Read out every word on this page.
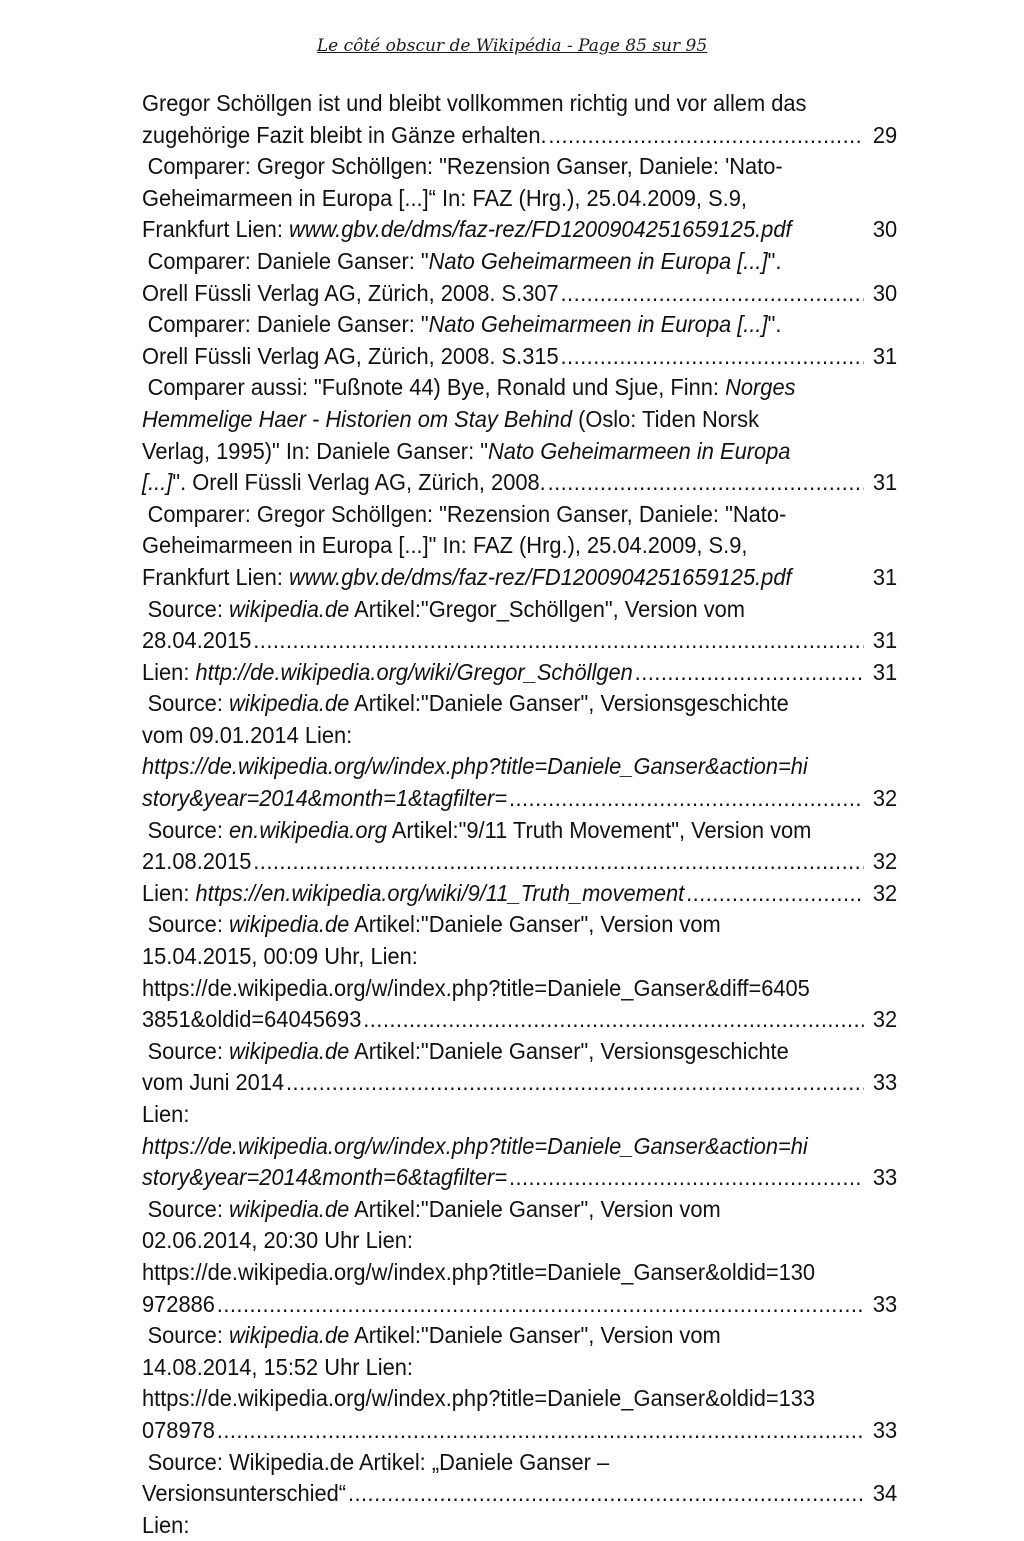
Le côté obscur de Wikipédia - Page 85 sur 95
Gregor Schöllgen ist und bleibt vollkommen richtig und vor allem das
zugehörige Fazit bleibt in Gänze erhalten. .....	29
Comparer: Gregor Schöllgen: "Rezension Ganser, Daniele: 'Nato-
Geheimarmeen in Europa [...]“ In: FAZ (Hrg.), 25.04.2009, S.9,
Frankfurt Lien: www.gbv.de/dms/faz-rez/FD1200904251659125.pdf	30
Comparer: Daniele Ganser: "Nato Geheimarmeen in Europa [...]".
Orell Füssli Verlag AG, Zürich, 2008. S.307 .....	30
Comparer: Daniele Ganser: "Nato Geheimarmeen in Europa [...]".
Orell Füssli Verlag AG, Zürich, 2008. S.315 .....	31
Comparer aussi: "Fußnote 44) Bye, Ronald und Sjue, Finn: Norges
Hemmelige Haer - Historien om Stay Behind (Oslo: Tiden Norsk
Verlag, 1995)" In: Daniele Ganser: "Nato Geheimarmeen in Europa
[...]". Orell Füssli Verlag AG, Zürich, 2008. .....	31
Comparer: Gregor Schöllgen: "Rezension Ganser, Daniele: "Nato-
Geheimarmeen in Europa [...]" In: FAZ (Hrg.), 25.04.2009, S.9,
Frankfurt Lien: www.gbv.de/dms/faz-rez/FD1200904251659125.pdf	31
Source: wikipedia.de Artikel:"Gregor_Schöllgen", Version vom
28.04.2015 .....	31
Lien: http://de.wikipedia.org/wiki/Gregor_Schöllgen .....	31
Source: wikipedia.de Artikel:"Daniele Ganser", Versionsgeschichte
vom 09.01.2014 Lien:
https://de.wikipedia.org/w/index.php?title=Daniele_Ganser&action=hi
story&year=2014&month=1&tagfilter= .....	32
Source: en.wikipedia.org Artikel:"9/11 Truth Movement", Version vom
21.08.2015 .....	32
Lien: https://en.wikipedia.org/wiki/9/11_Truth_movement .....	32
Source: wikipedia.de Artikel:"Daniele Ganser", Version vom
15.04.2015, 00:09 Uhr, Lien:
https://de.wikipedia.org/w/index.php?title=Daniele_Ganser&diff=6405
3851&oldid=64045693 .....	32
Source: wikipedia.de Artikel:"Daniele Ganser", Versionsgeschichte
vom Juni 2014 .....	33
Lien:
https://de.wikipedia.org/w/index.php?title=Daniele_Ganser&action=hi
story&year=2014&month=6&tagfilter= .....	33
Source: wikipedia.de Artikel:"Daniele Ganser", Version vom
02.06.2014, 20:30 Uhr Lien:
https://de.wikipedia.org/w/index.php?title=Daniele_Ganser&oldid=130
972886 .....	33
Source: wikipedia.de Artikel:"Daniele Ganser", Version vom
14.08.2014, 15:52 Uhr Lien:
https://de.wikipedia.org/w/index.php?title=Daniele_Ganser&oldid=133
078978 .....	33
Source: Wikipedia.de Artikel: „Daniele Ganser –
Versionsunterschied“ .....	34
Lien:
